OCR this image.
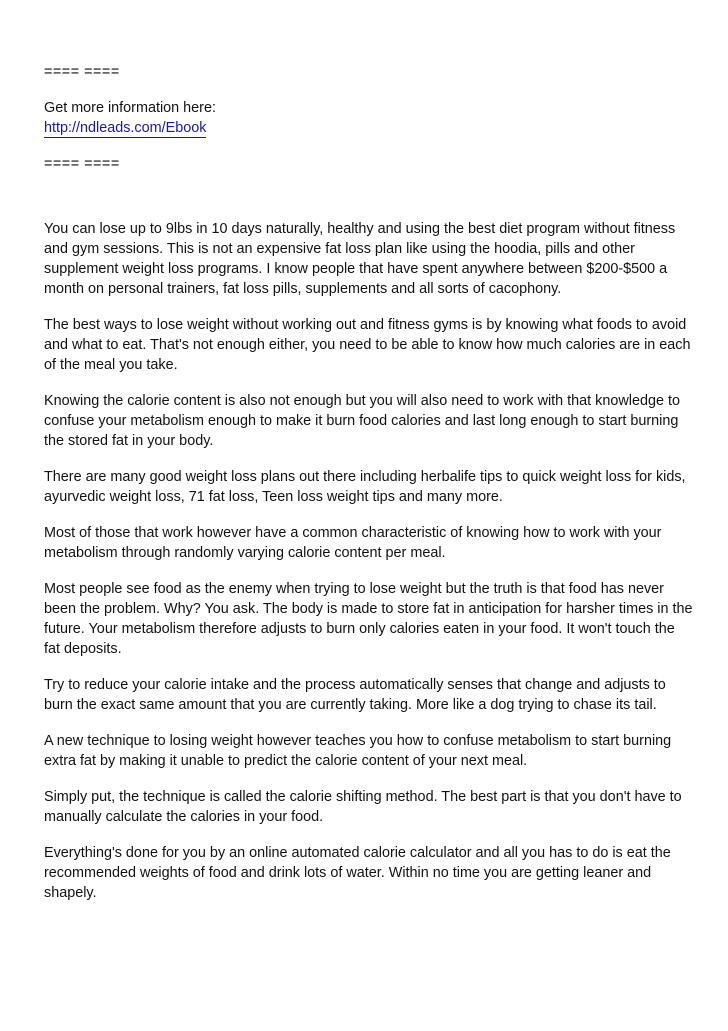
==== ====

Get more information here:

http://ndleads.com/Ebook

==== ====

You can lose up to 9lbs in 10 days naturally, healthy and using the best diet program without fitness and gym sessions. This is not an expensive fat loss plan like using the hoodia, pills and other supplement weight loss programs. I know people that have spent anywhere between $200-$500 a month on personal trainers, fat loss pills, supplements and all sorts of cacophony.

The best ways to lose weight without working out and fitness gyms is by knowing what foods to avoid and what to eat. That's not enough either, you need to be able to know how much calories are in each of the meal you take.

Knowing the calorie content is also not enough but you will also need to work with that knowledge to confuse your metabolism enough to make it burn food calories and last long enough to start burning the stored fat in your body.

There are many good weight loss plans out there including herbalife tips to quick weight loss for kids, ayurvedic weight loss, 71 fat loss, Teen loss weight tips and many more.

Most of those that work however have a common characteristic of knowing how to work with your metabolism through randomly varying calorie content per meal.

Most people see food as the enemy when trying to lose weight but the truth is that food has never been the problem. Why? You ask. The body is made to store fat in anticipation for harsher times in the future. Your metabolism therefore adjusts to burn only calories eaten in your food. It won't touch the fat deposits.

Try to reduce your calorie intake and the process automatically senses that change and adjusts to burn the exact same amount that you are currently taking. More like a dog trying to chase its tail.

A new technique to losing weight however teaches you how to confuse metabolism to start burning extra fat by making it unable to predict the calorie content of your next meal.

Simply put, the technique is called the calorie shifting method. The best part is that you don't have to manually calculate the calories in your food.

Everything's done for you by an online automated calorie calculator and all you has to do is eat the recommended weights of food and drink lots of water. Within no time you are getting leaner and shapely.
